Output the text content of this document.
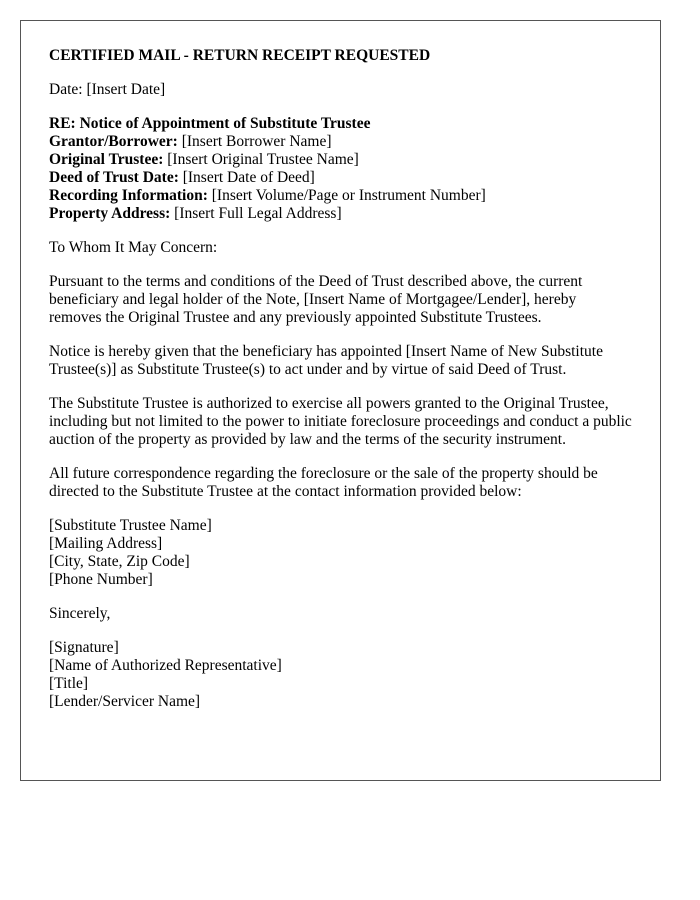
CERTIFIED MAIL - RETURN RECEIPT REQUESTED
Date: [Insert Date]
RE: Notice of Appointment of Substitute Trustee
Grantor/Borrower: [Insert Borrower Name]
Original Trustee: [Insert Original Trustee Name]
Deed of Trust Date: [Insert Date of Deed]
Recording Information: [Insert Volume/Page or Instrument Number]
Property Address: [Insert Full Legal Address]
To Whom It May Concern:

Pursuant to the terms and conditions of the Deed of Trust described above, the current beneficiary and legal holder of the Note, [Insert Name of Mortgagee/Lender], hereby removes the Original Trustee and any previously appointed Substitute Trustees.

Notice is hereby given that the beneficiary has appointed [Insert Name of New Substitute Trustee(s)] as Substitute Trustee(s) to act under and by virtue of said Deed of Trust.

The Substitute Trustee is authorized to exercise all powers granted to the Original Trustee, including but not limited to the power to initiate foreclosure proceedings and conduct a public auction of the property as provided by law and the terms of the security instrument.

All future correspondence regarding the foreclosure or the sale of the property should be directed to the Substitute Trustee at the contact information provided below:

[Substitute Trustee Name]
[Mailing Address]
[City, State, Zip Code]
[Phone Number]
Sincerely,
[Signature]
[Name of Authorized Representative]
[Title]
[Lender/Servicer Name]
